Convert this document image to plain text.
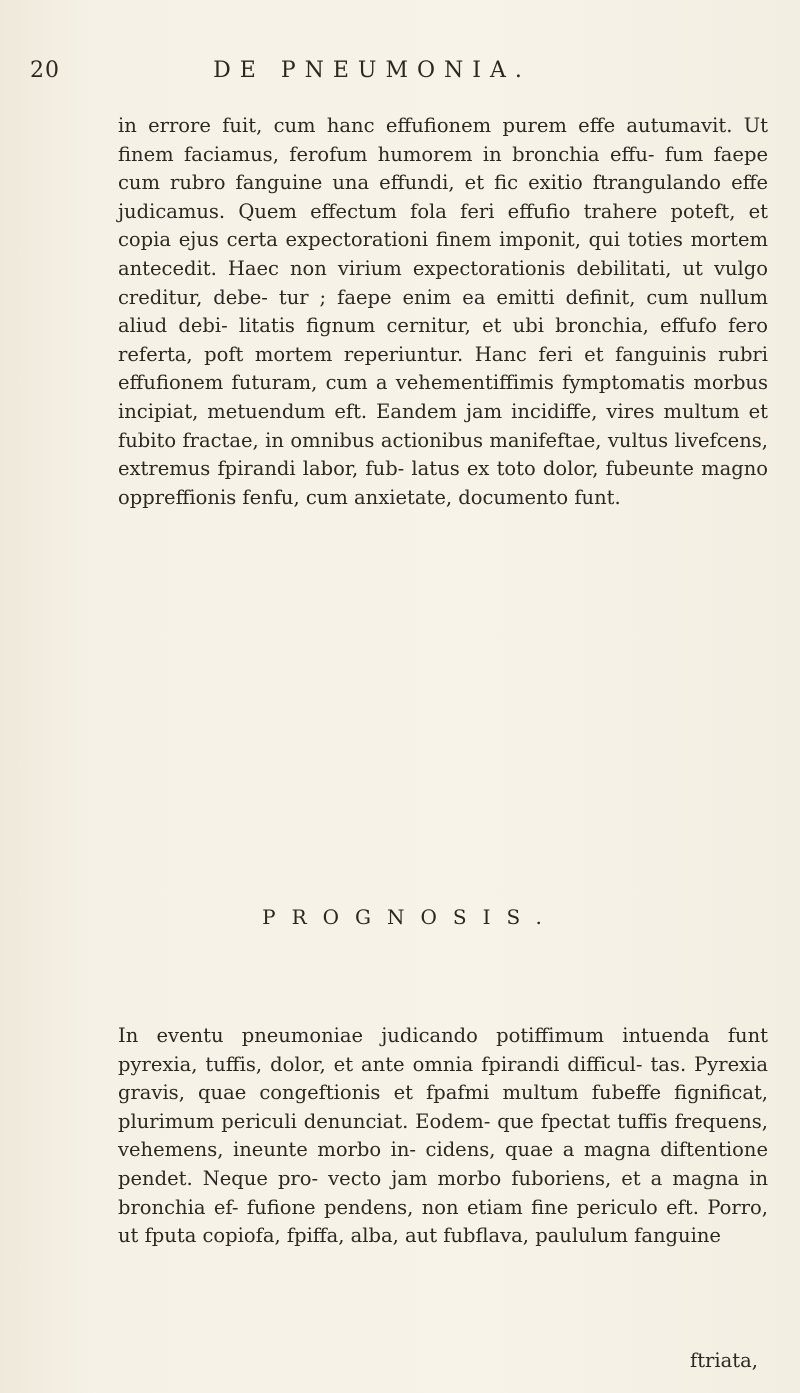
20	DE PNEUMONIA.

in errore fuit, cum hanc effufionem purem effe autumavit. Ut finem faciamus, ferofum humorem in bronchia effu- fum faepe cum rubro fanguine una effundi, et fic exitio ftrangulando effe judicamus. Quem effectum fola feri effufio trahere poteft, et copia ejus certa expectorationi finem imponit, qui toties mortem antecedit. Haec non virium expectorationis debilitati, ut vulgo creditur, debe- tur ; faepe enim ea emitti definit, cum nullum aliud debi- litatis fignum cernitur, et ubi bronchia, effufo fero referta, poft mortem reperiuntur. Hanc feri et fanguinis rubri effufionem futuram, cum a vehementiffimis fymptomatis morbus incipiat, metuendum eft. Eandem jam incidiffe, vires multum et fubito fractae, in omnibus actionibus manifeftae, vultus livefcens, extremus fpirandi labor, fub- latus ex toto dolor, fubeunte magno oppreffionis fenfu, cum anxietate, documento funt.

PROGNOSIS.

In eventu pneumoniae judicando potiffimum intuenda funt pyrexia, tuffis, dolor, et ante omnia fpirandi difficul- tas. Pyrexia gravis, quae congeftionis et fpafmi multum fubeffe fignificat, plurimum periculi denunciat. Eodem- que fpectat tuffis frequens, vehemens, ineunte morbo in- cidens, quae a magna diftentione pendet. Neque pro- vecto jam morbo fuboriens, et a magna in bronchia ef- fufione pendens, non etiam fine periculo eft. Porro, ut fputa copiofa, fpiffa, alba, aut fubflava, paululum fanguine

ftriata,
